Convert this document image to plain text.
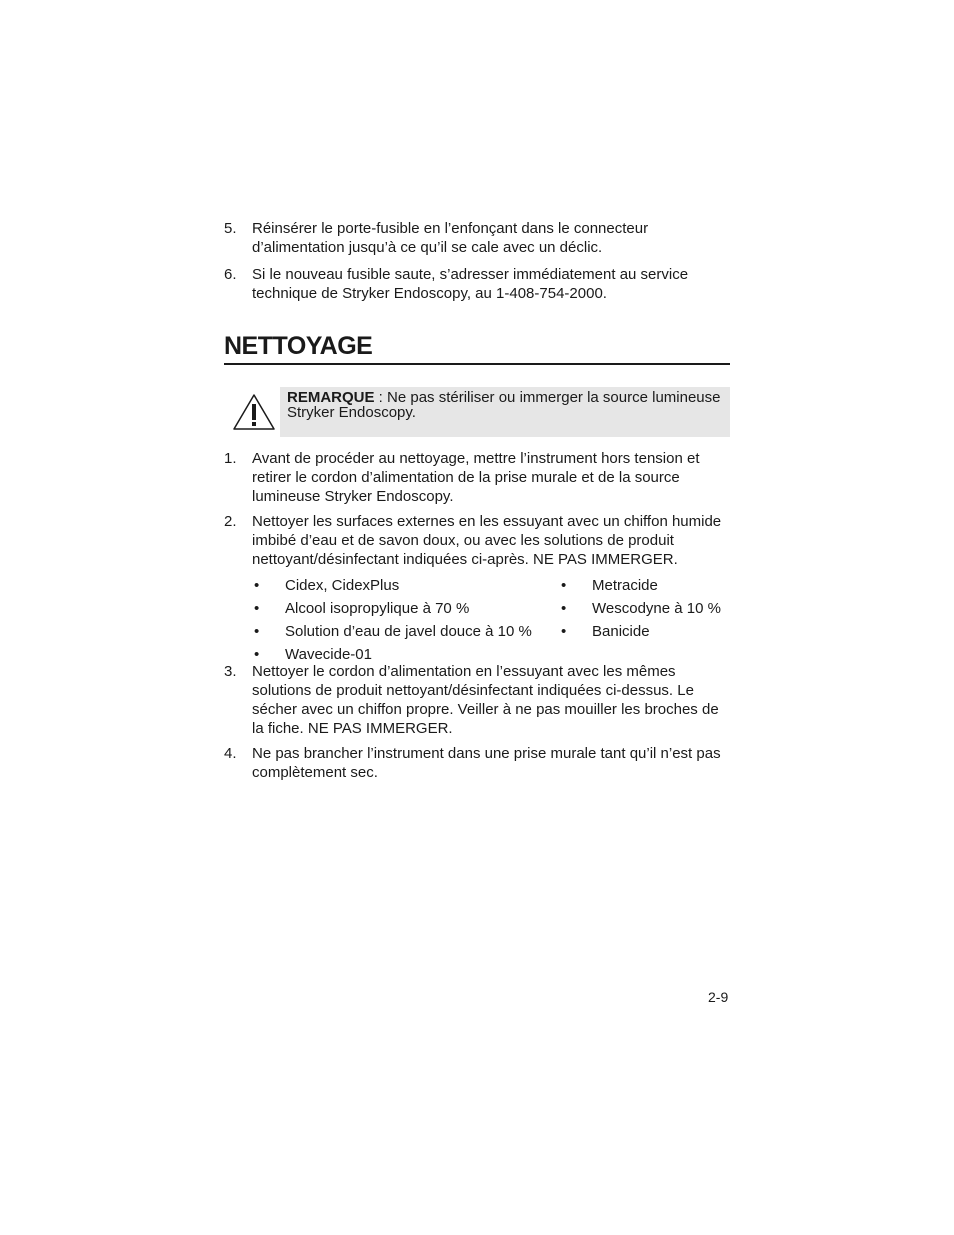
5. Réinsérer le porte-fusible en l’enfonçant dans le connecteur d’alimentation jusqu’à ce qu’il se cale avec un déclic.
6. Si le nouveau fusible saute, s’adresser immédiatement au service technique de Stryker Endoscopy, au 1-408-754-2000.
NETTOYAGE
REMARQUE : Ne pas stériliser ou immerger la source lumineuse Stryker Endoscopy.
1. Avant de procéder au nettoyage, mettre l’instrument hors tension et retirer le cordon d’alimentation de la prise murale et de la source lumineuse Stryker Endoscopy.
2. Nettoyer les surfaces externes en les essuyant avec un chiffon humide imbibé d’eau et de savon doux, ou avec les solutions de produit nettoyant/désinfectant indiquées ci-après. NE PAS IMMERGER.
• Cidex, CidexPlus
• Alcool isopropylique à 70 %
• Solution d’eau de javel douce à 10 %
• Wavecide-01
• Metracide
• Wescodyne à 10 %
• Banicide
3. Nettoyer le cordon d’alimentation en l’essuyant avec les mêmes solutions de produit nettoyant/désinfectant indiquées ci-dessus. Le sécher avec un chiffon propre. Veiller à ne pas mouiller les broches de la fiche. NE PAS IMMERGER.
4. Ne pas brancher l’instrument dans une prise murale tant qu’il n’est pas complètement sec.
2-9
